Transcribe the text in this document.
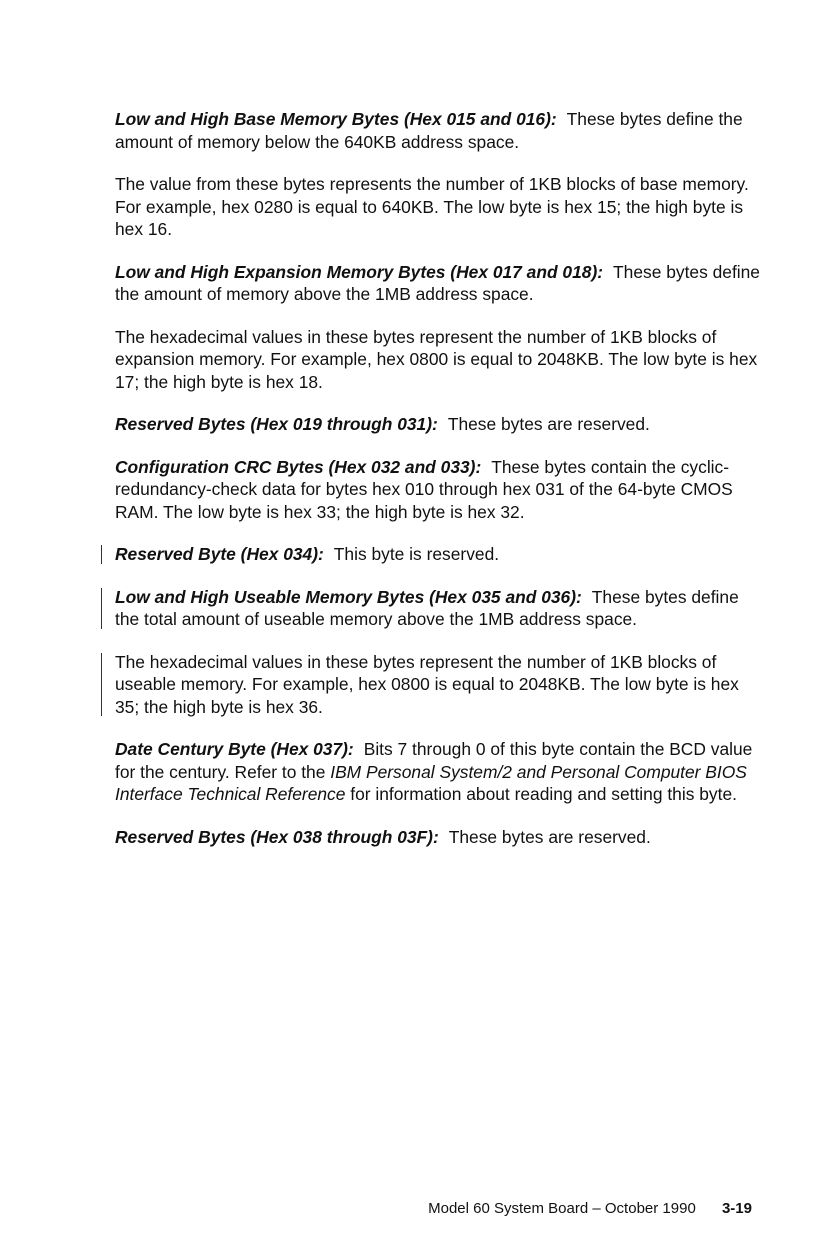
Low and High Base Memory Bytes (Hex 015 and 016): These bytes define the amount of memory below the 640KB address space.

The value from these bytes represents the number of 1KB blocks of base memory. For example, hex 0280 is equal to 640KB. The low byte is hex 15; the high byte is hex 16.

Low and High Expansion Memory Bytes (Hex 017 and 018): These bytes define the amount of memory above the 1MB address space.

The hexadecimal values in these bytes represent the number of 1KB blocks of expansion memory. For example, hex 0800 is equal to 2048KB. The low byte is hex 17; the high byte is hex 18.

Reserved Bytes (Hex 019 through 031): These bytes are reserved.

Configuration CRC Bytes (Hex 032 and 033): These bytes contain the cyclic-redundancy-check data for bytes hex 010 through hex 031 of the 64-byte CMOS RAM. The low byte is hex 33; the high byte is hex 32.

Reserved Byte (Hex 034): This byte is reserved.

Low and High Useable Memory Bytes (Hex 035 and 036): These bytes define the total amount of useable memory above the 1MB address space.

The hexadecimal values in these bytes represent the number of 1KB blocks of useable memory. For example, hex 0800 is equal to 2048KB. The low byte is hex 35; the high byte is hex 36.

Date Century Byte (Hex 037): Bits 7 through 0 of this byte contain the BCD value for the century. Refer to the IBM Personal System/2 and Personal Computer BIOS Interface Technical Reference for information about reading and setting this byte.

Reserved Bytes (Hex 038 through 03F): These bytes are reserved.

Model 60 System Board – October 1990 3-19
